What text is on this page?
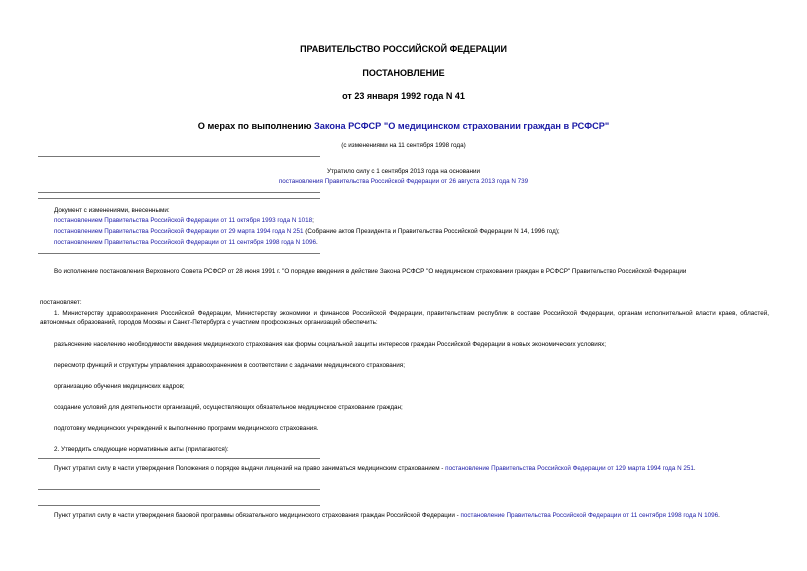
ПРАВИТЕЛЬСТВО РОССИЙСКОЙ ФЕДЕРАЦИИ
ПОСТАНОВЛЕНИЕ
от 23 января 1992 года N 41
О мерах по выполнению Закона РСФСР "О медицинском страховании граждан в РСФСР"
(с изменениями на 11 сентября 1998 года)
Утратило силу с 1 сентября 2013 года на основании
постановления Правительства Российской Федерации от 26 августа 2013 года N 739
Документ с изменениями, внесенными:
постановлением Правительства Российской Федерации от 11 октября 1993 года N 1018;
постановлением Правительства Российской Федерации от 29 марта 1994 года N 251 (Собрание актов Президента и Правительства Российской Федерации N 14, 1996 год);
постановлением Правительства Российской Федерации от 11 сентября 1998 года N 1096.
Во исполнение постановления Верховного Совета РСФСР от 28 июня 1991 г. "О порядке введения в действие Закона РСФСР "О медицинском страховании граждан в РСФСР" Правительство Российской Федерации
постановляет:
1. Министерству здравоохранения Российской Федерации, Министерству экономики и финансов Российской Федерации, правительствам республик в составе Российской Федерации, органам исполнительной власти краев, областей, автономных образований, городов Москвы и Санкт-Петербурга с участием профсоюзных организаций обеспечить:
разъяснение населению необходимости введения медицинского страхования как формы социальной защиты интересов граждан Российской Федерации в новых экономических условиях;
пересмотр функций и структуры управления здравоохранением в соответствии с задачами медицинского страхования;
организацию обучения медицинских кадров;
создание условий для деятельности организаций, осуществляющих обязательное медицинское страхование граждан;
подготовку медицинских учреждений к выполнению программ медицинского страхования.
2. Утвердить следующие нормативные акты (прилагаются):
Пункт утратил силу в части утверждения Положения о порядке выдачи лицензий на право заниматься медицинским страхованием - постановление Правительства Российской Федерации от 129 марта 1994 года N 251.
Пункт утратил силу в части утверждения базовой программы обязательного медицинского страхования граждан Российской Федерации - постановление Правительства Российской Федерации от 11 сентября 1998 года N 1096.
